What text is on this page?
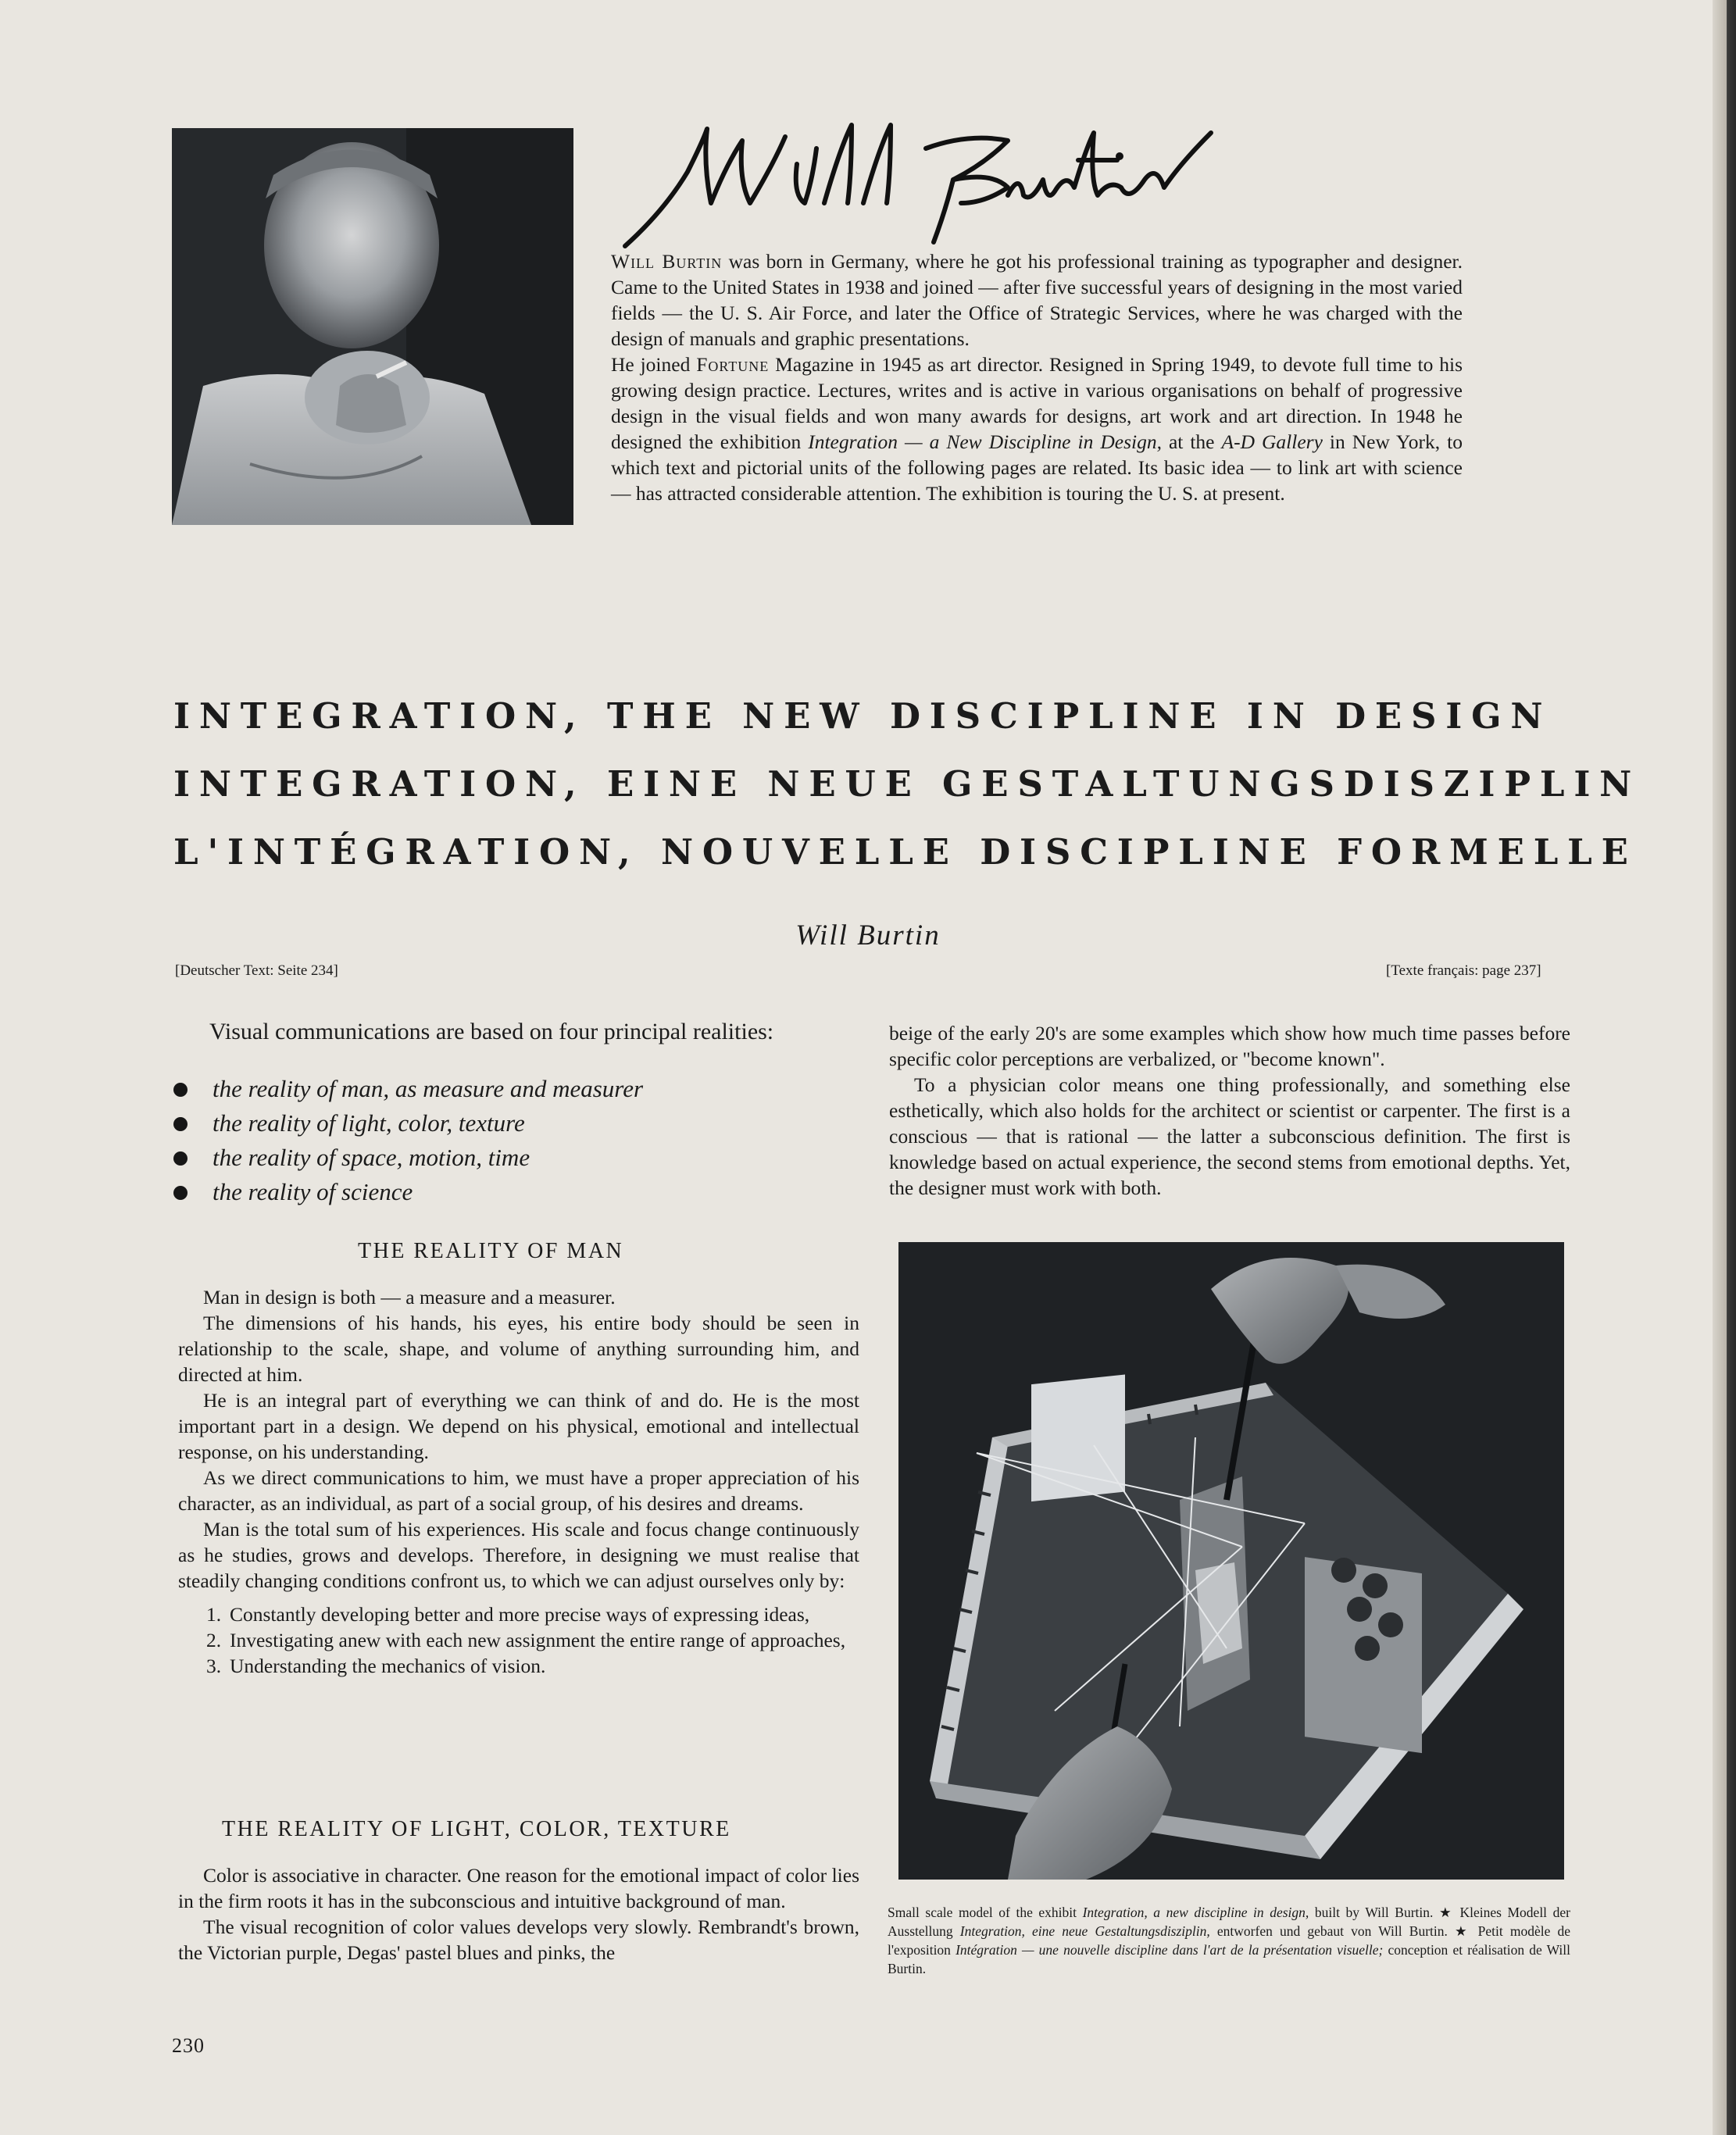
Will Burtin was born in Germany, where he got his professional training as typographer and designer. Came to the United States in 1938 and joined — after five successful years of designing in the most varied fields — the U. S. Air Force, and later the Office of Strategic Services, where he was charged with the design of manuals and graphic presentations.

He joined Fortune Magazine in 1945 as art director. Resigned in Spring 1949, to devote full time to his growing design practice. Lectures, writes and is active in various organisations on behalf of progressive design in the visual fields and won many awards for designs, art work and art direction. In 1948 he designed the exhibition Integration — a New Discipline in Design, at the A-D Gallery in New York, to which text and pictorial units of the following pages are related. Its basic idea — to link art with science — has attracted considerable attention. The exhibition is touring the U. S. at present.

INTEGRATION, THE NEW DISCIPLINE IN DESIGN
INTEGRATION, EINE NEUE GESTALTUNGSDISZIPLIN
L'INTÉGRATION, NOUVELLE DISCIPLINE FORMELLE
Will Burtin
[Deutscher Text: Seite 234]	[Texte français: page 237]
Visual communications are based on four principal realities:
the reality of man, as measure and measurer
the reality of light, color, texture
the reality of space, motion, time
the reality of science
THE REALITY OF MAN

Man in design is both — a measure and a measurer.

The dimensions of his hands, his eyes, his entire body should be seen in relationship to the scale, shape, and volume of anything surrounding him, and directed at him.

He is an integral part of everything we can think of and do. He is the most important part in a design. We depend on his physical, emotional and intellectual response, on his understanding.

As we direct communications to him, we must have a proper appreciation of his character, as an individual, as part of a social group, of his desires and dreams.

Man is the total sum of his experiences. His scale and focus change continuously as he studies, grows and develops. Therefore, in designing we must realise that steadily changing conditions confront us, to which we can adjust ourselves only by:

1. Constantly developing better and more precise ways of expressing ideas,
2. Investigating anew with each new assignment the entire range of approaches,
3. Understanding the mechanics of vision.
THE REALITY OF LIGHT, COLOR, TEXTURE

Color is associative in character. One reason for the emotional impact of color lies in the firm roots it has in the subconscious and intuitive background of man.

The visual recognition of color values develops very slowly. Rembrandt's brown, the Victorian purple, Degas' pastel blues and pinks, the

beige of the early 20's are some examples which show how much time passes before specific color perceptions are verbalized, or "become known".

To a physician color means one thing professionally, and something else esthetically, which also holds for the architect or scientist or carpenter. The first is a conscious — that is rational — the latter a subconscious definition. The first is knowledge based on actual experience, the second stems from emotional depths. Yet, the designer must work with both.

Small scale model of the exhibit Integration, a new discipline in design, built by Will Burtin. ★ Kleines Modell der Ausstellung Integration, eine neue Gestaltungsdisziplin, entworfen und gebaut von Will Burtin. ★ Petit modèle de l'exposition Intégration — une nouvelle discipline dans l'art de la présentation visuelle; conception et réalisation de Will Burtin.
230
